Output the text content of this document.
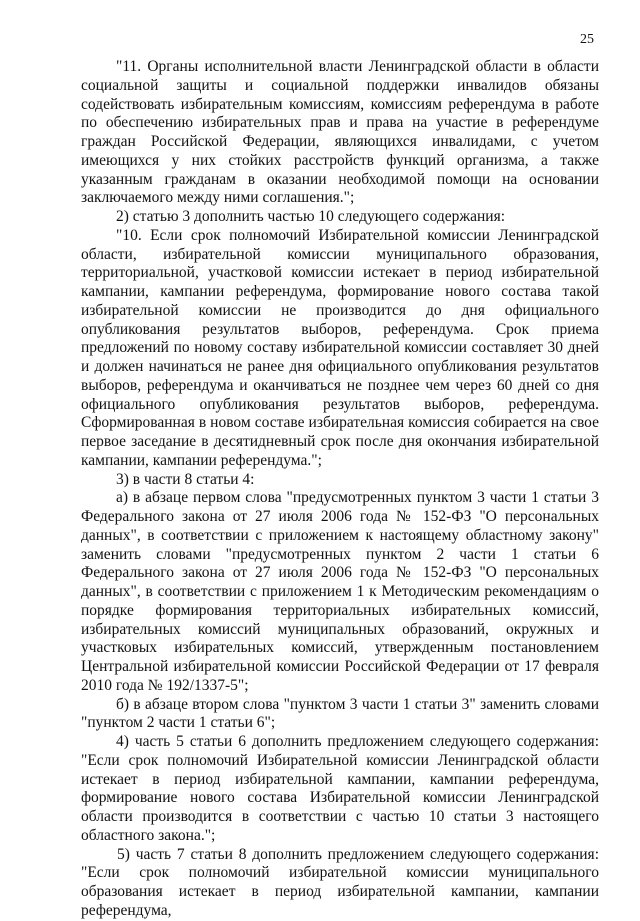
25

"11. Органы исполнительной власти Ленинградской области в области социальной защиты и социальной поддержки инвалидов обязаны содействовать избирательным комиссиям, комиссиям референдума в работе по обеспечению избирательных прав и права на участие в референдуме граждан Российской Федерации, являющихся инвалидами, с учетом имеющихся у них стойких расстройств функций организма, а также указанным гражданам в оказании необходимой помощи на основании заключаемого между ними соглашения.";

2) статью 3 дополнить частью 10 следующего содержания:

"10. Если срок полномочий Избирательной комиссии Ленинградской области, избирательной комиссии муниципального образования, территориальной, участковой комиссии истекает в период избирательной кампании, кампании референдума, формирование нового состава такой избирательной комиссии не производится до дня официального опубликования результатов выборов, референдума. Срок приема предложений по новому составу избирательной комиссии составляет 30 дней и должен начинаться не ранее дня официального опубликования результатов выборов, референдума и оканчиваться не позднее чем через 60 дней со дня официального опубликования результатов выборов, референдума. Сформированная в новом составе избирательная комиссия собирается на свое первое заседание в десятидневный срок после дня окончания избирательной кампании, кампании референдума.";

3) в части 8 статьи 4:

а) в абзаце первом слова "предусмотренных пунктом 3 части 1 статьи 3 Федерального закона от 27 июля 2006 года № 152-ФЗ "О персональных данных", в соответствии с приложением к настоящему областному закону" заменить словами "предусмотренных пунктом 2 части 1 статьи 6 Федерального закона от 27 июля 2006 года № 152-ФЗ "О персональных данных", в соответствии с приложением 1 к Методическим рекомендациям о порядке формирования территориальных избирательных комиссий, избирательных комиссий муниципальных образований, окружных и участковых избирательных комиссий, утвержденным постановлением Центральной избирательной комиссии Российской Федерации от 17 февраля 2010 года № 192/1337-5";

б) в абзаце втором слова "пунктом 3 части 1 статьи 3" заменить словами "пунктом 2 части 1 статьи 6";

4) часть 5 статьи 6 дополнить предложением следующего содержания: "Если срок полномочий Избирательной комиссии Ленинградской области истекает в период избирательной кампании, кампании референдума, формирование нового состава Избирательной комиссии Ленинградской области производится в соответствии с частью 10 статьи 3 настоящего областного закона.";

5) часть 7 статьи 8 дополнить предложением следующего содержания: "Если срок полномочий избирательной комиссии муниципального образования истекает в период избирательной кампании, кампании референдума,
